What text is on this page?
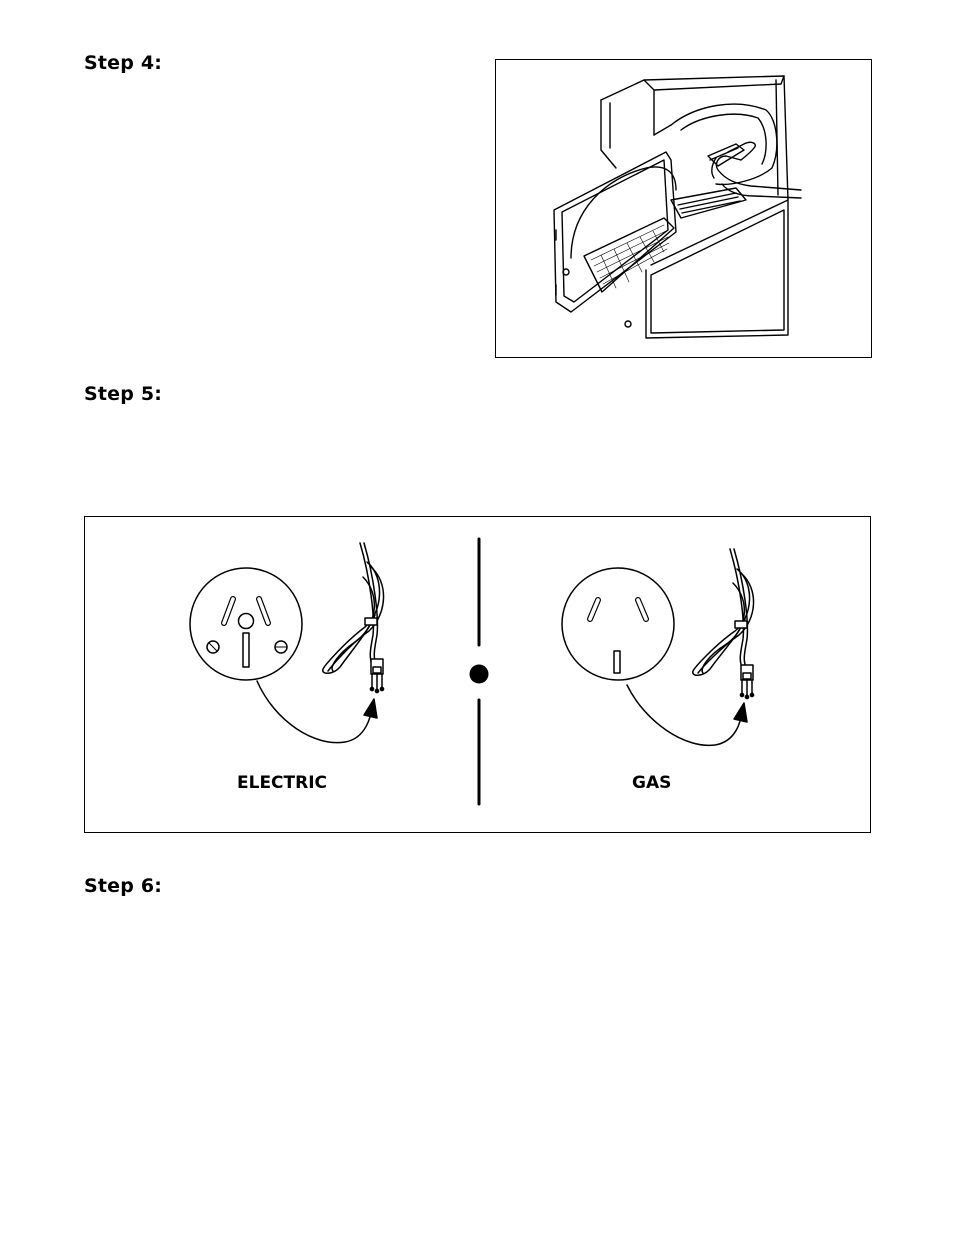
Step 4:
Step 5:
ELECTRIC	GAS
Step 6:
